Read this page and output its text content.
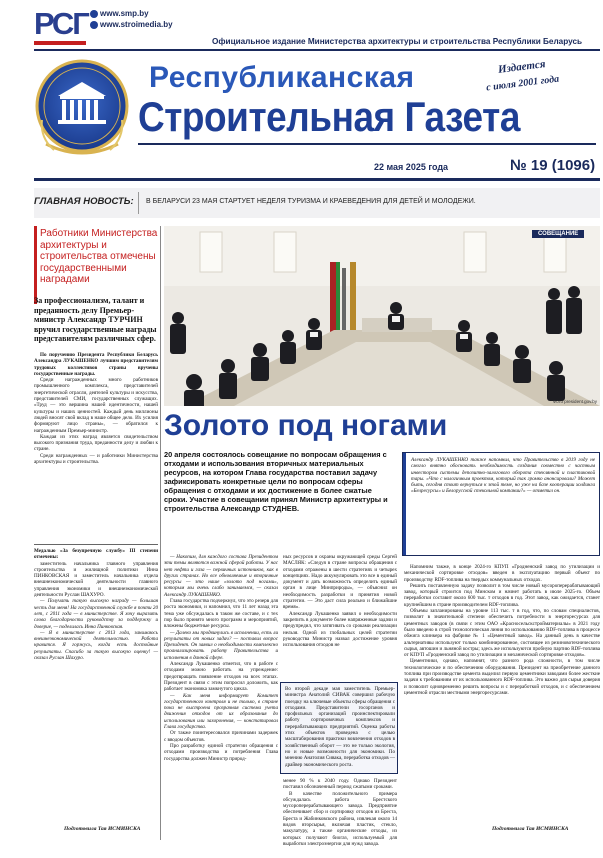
РСГ www.smp.by
www.stroimedia.by
Официальное издание Министерства архитектуры и строительства Республики Беларусь
Республиканская
Строительная Газета
Издается
с июля 2001 года
22 мая 2025 года	№ 19 (1096)
ГЛАВНАЯ НОВОСТЬ: В БЕЛАРУСИ 23 МАЯ СТАРТУЕТ НЕДЕЛЯ ТУРИЗМА И КРАЕВЕДЕНИЯ ДЛЯ ДЕТЕЙ И МОЛОДЕЖИ.
Работники Министерства архитектуры и строительства отмечены государственными наградами
За профессионализм, талант и преданность делу Премьер-министр Александр ТУРЧИН вручил государственные награды представителям различных сфер.

По поручению Президента Республики Беларусь Александра ЛУКАШЕНКО лучшим представителям трудовых коллективов страны вручены государственные награды.

Среди награжденных много работников промышленного комплекса, представителей энергетической отрасли, деятелей культуры и искусства, представителей СМИ, государственных служащих. «Труд — это вершина нашей идентичности, нашей культуры и наших ценностей. Каждый день миллионы людей вносят свой вклад в наше общее дело. Их усилия формируют лицо страны», — обратился к награжденным Премьер-министр.

Каждая из этих наград является свидетельством высокого признания труда, преданности делу и любви к стране.

Среди награжденных — и работники Министерства архитектуры и строительства.

Медалью «За безупречную службу» III степени отмечены:

заместитель начальника главного управления строительства и жилищной политики Инна ПИНКОВСКАЯ и заместитель начальника отдела внешнеэкономической деятельности главного управления экономики и внешнеэкономической деятельности Руслан ШАХУРО.

— Получать такую высокую награду — большая честь для меня! На государственной службе я почти 20 лет, с 2011 года — в министерстве. Я хочу выразить слова благодарности руководству за поддержку и доверие, — поделилась Инна Пинковская.

— Я в министерстве с 2013 года, занимаюсь внешнеэкономической деятельностью. Работа нравится. Я горжусь, когда есть достойные результаты. Спасибо за такую высокую оценку! — сказал Руслан Шахуро.

Подготовила Тая ИСМИНСКА
СОВЕЩАНИЕ
Фото president.gov.by
Золото под ногами
20 апреля состоялось совещание по вопросам обращения с отходами и использования вторичных материальных ресурсов, на котором Глава государства поставил задачу зафиксировать конкретные цели по вопросам сферы обращения с отходами и их достижение в более сжатые сроки. Участие в совещании принял Министр архитектуры и строительства Александр СТУДНЕВ.
Александр ЛУКАШЕНКО также напомнил, что Правительство в 2019 году не смогло внятно обосновать необходимость создания совместно с частным инвестором системы депозитно-залогового оборота стеклянной и пластиковой тары. «Что с налогичным проектом, который так громко анонсировали? Может быть, сегодня стоит вернуться к этой теме, но уже на базе кооперации холдинга «Белресурсы» и Белорусской стекольной компании?» — отметил он.

— Накопим, для каждого состава Президентом эти темы являются важной сферой работы. У нас нет нефти и газа — первичных источников, как в других странах. Но все обновляемые и вторичные ресурсы — это наше «золото под ногами», которым мы очень слабо занимаемся, — сказал Александр ЛУКАШЕНКО.

Глава государства подчеркнул, что это резерв для роста экономики, и напомнил, что 11 лет назад эта тема уже обсуждалась в таком же составе, и с тех пор было принято много программ и мероприятий, вложены бюджетные ресурсы.

— Далеко мы продвинулись в исполнении, есть ли результаты от новых задач? — поставил вопрос Президент. Он заявил о необходимости комплексно проанализировать работу Правительства и исполнения в данной сфере.

Александр Лукашенко отметил, что в работе с отходами можно работать на упреждение: предотвращать появление отходов на всех этапах. Президент в связи с этим попросил доложить, как работает экономика замкнутого цикла.

— Как меня информирует Комитет государственного контроля и не только, в стране пока не выстроена прозрачная система учета движения отходов от их образования до использования или захоронения, — констатировал Глава государства.

От также поинтересовался причинами задержек с вводом объектов.

Про разработку единой стратегии обращения с отходами производства и потребления Глава государства должен Министр природ-

ных ресурсов и охраны окружающей среды Сергей МАСЛЯК: «Следуя в стране вопросы обращения с отходами отражены в шести стратегиях и четырех концепциях. Надо аккумулировать это все в единый документ и дать возможность определить единый орган в лице Минприроды», — объяснил он необходимость разработки и принятия новой стратегии. — Это даст сила реально и ближайшие время».

Александр Лукашенко заявил о необходимости закрепить в документе более напряженные задачи и предупредил, что затягивать со сроками реализации нельзя. Одной из глобальных целей стратегии руководства Министр назвал достижение уровня использования отходов не

Во второй декаде мая заместитель Премьер-министра Анатолий СИВАК совершил рабочую поездку на ключевые объекты сферы обращения с отходами. Представители госорганов и профильных организаций проинспектировали работу сортировочных комплексов и перерабатывающих предприятий. Оценка работы этих объектов проведена с целью масштабирования практики вовлечения отходов в хозяйственный оборот — это не только экология, но и новые возможности для экономики. По мнению Анатолия Сивака, переработка отходов — драйвер экономического роста.

менее 90 % к 2040 году. Однако Президент поставил обозначенный период сжатыми сроками.

В качестве положительного примера обсуждалась работа Брестского мусороперерабатывающего завода. Предприятие обеспечивает сбор и сортировку отходов из Бреста, Бреста и Жабинковского района, извлекая около 14 видов вторсырья, включая пластик, стекло, макулатуру, а также органические отходы, из которых получают биогаз, используемый для выработки электроэнергии для нужд завода.

Напомним также, в конце 2024-го КПУП «Гродненский завод по утилизации и механической сортировке отходов» введен в эксплуатацию первый объект по производству RDF-топлива на твердых коммунальных отходах.

Решить поставленную задачу позволит в том числе новый мусороперерабатывающий завод, который строится под Минском и начнет работать в июле 2025-го. Объем переработки составит около 600 тыс. т отходов в год. Этот завод, как ожидается, станет крупнейшим в стране производителем RDF-топлива.

Объемы запланированы на уровне 113 тыс. т в год, что, по словам специалистов, позволит в значительной степени обеспечить потребности в энергоресурсах для цементных заводов (в связи с этим ОАО «Красносельскстройматериалы» в 2021 году было введено в строй технологическая линия по использованию RDF-топлива в процессе обжига клинкера на фабрике № 1 «Цементный завод». На данный день в качестве альтернативы используют только комбинированное, состоящее из резиновотехнического сырья, автошин и льняной костры; здесь же используются пробную партию RDF-топлива от КПУП «Гродненский завод по утилизации и механической сортировке отходов».

Цементники, однако, напомнят, что разного рода сложности, в том числе технологические и по обеспечению оборудования. Президент на приобретение данного топлива при производстве цемента выделил первую цементники заводами более жесткие задачи к требованиям от их использованного RDF-топлива. Это важно для сырья доверия и позволит одновременно решить вопросы и с переработкой отходов, и с обеспечением цементной отрасли местными энергоресурсами.

Подготовила Тая ИСМИНСКА
